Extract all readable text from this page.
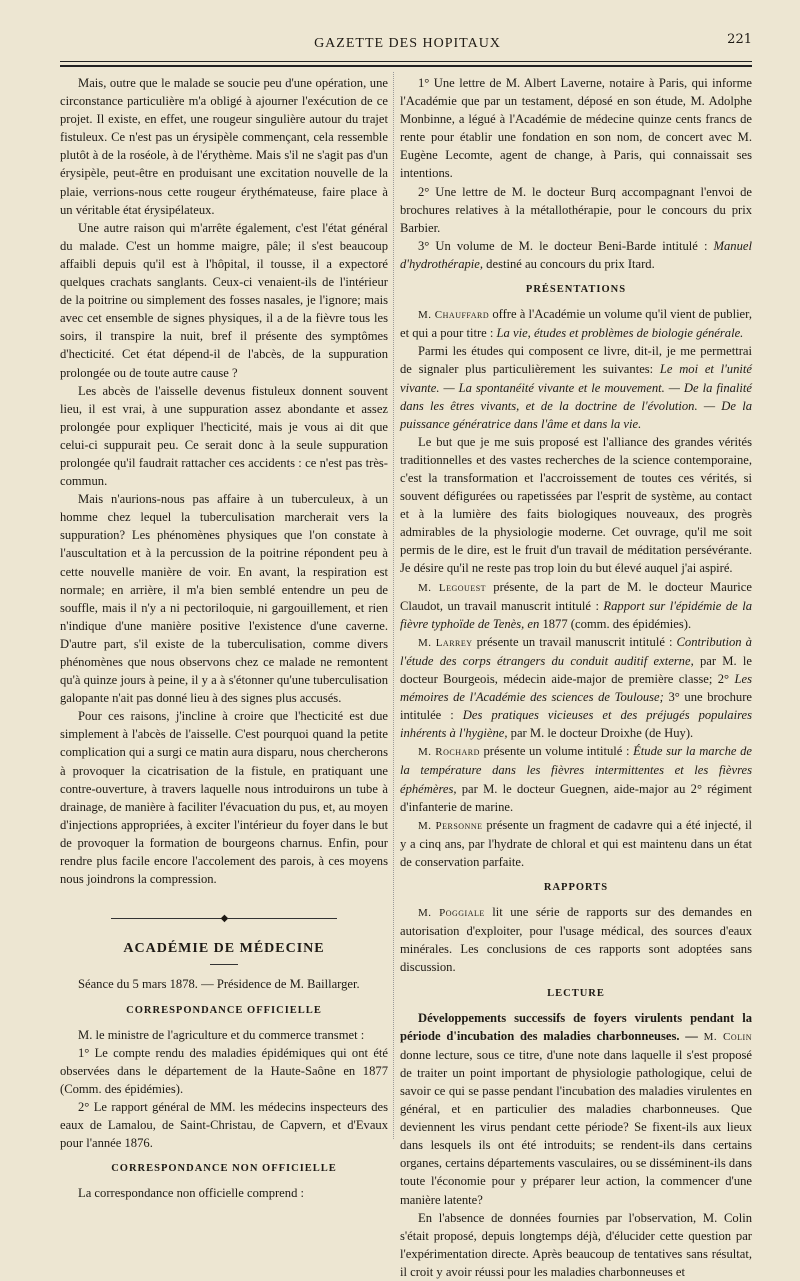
GAZETTE DES HOPITAUX	221

Mais, outre que le malade se soucie peu d'une opération, une circonstance particulière m'a obligé à ajourner l'exécution de ce projet. Il existe, en effet, une rougeur singulière autour du trajet fistuleux. Ce n'est pas un érysipèle commençant, cela ressemble plutôt à de la roséole, à de l'érythème. Mais s'il ne s'agit pas d'un érysipèle, peut-être en produisant une excitation nouvelle de la plaie, verrions-nous cette rougeur érythémateuse, faire place à un véritable état érysipélateux.

Une autre raison qui m'arrête également, c'est l'état général du malade. C'est un homme maigre, pâle; il s'est beaucoup affaibli depuis qu'il est à l'hôpital, il tousse, il a expectoré quelques crachats sanglants. Ceux-ci venaient-ils de l'intérieur de la poitrine ou simplement des fosses nasales, je l'ignore; mais avec cet ensemble de signes physiques, il a de la fièvre tous les soirs, il transpire la nuit, bref il présente des symptômes d'hecticité. Cet état dépend-il de l'abcès, de la suppuration prolongée ou de toute autre cause ?

Les abcès de l'aisselle devenus fistuleux donnent souvent lieu, il est vrai, à une suppuration assez abondante et assez prolongée pour expliquer l'hecticité, mais je vous ai dit que celui-ci suppurait peu. Ce serait donc à la seule suppuration prolongée qu'il faudrait rattacher ces accidents : ce n'est pas très-commun.

Mais n'aurions-nous pas affaire à un tuberculeux, à un homme chez lequel la tuberculisation marcherait vers la suppuration? Les phénomènes physiques que l'on constate à l'auscultation et à la percussion de la poitrine répondent peu à cette nouvelle manière de voir. En avant, la respiration est normale; en arrière, il m'a bien semblé entendre un peu de souffle, mais il n'y a ni pectoriloquie, ni gargouillement, et rien n'indique d'une manière positive l'existence d'une caverne. D'autre part, s'il existe de la tuberculisation, comme divers phénomènes que nous observons chez ce malade ne remontent qu'à quinze jours à peine, il y a à s'étonner qu'une tuberculisation galopante n'ait pas donné lieu à des signes plus accusés.

Pour ces raisons, j'incline à croire que l'hecticité est due simplement à l'abcès de l'aisselle. C'est pourquoi quand la petite complication qui a surgi ce matin aura disparu, nous chercherons à provoquer la cicatrisation de la fistule, en pratiquant une contre-ouverture, à travers laquelle nous introduirons un tube à drainage, de manière à faciliter l'évacuation du pus, et, au moyen d'injections appropriées, à exciter l'intérieur du foyer dans le but de provoquer la formation de bourgeons charnus. Enfin, pour rendre plus facile encore l'accolement des parois, à ces moyens nous joindrons la compression.

◆
ACADÉMIE DE MÉDECINE

Séance du 5 mars 1878. — Présidence de M. Baillarger.

CORRESPONDANCE OFFICIELLE

M. le ministre de l'agriculture et du commerce transmet :

1° Le compte rendu des maladies épidémiques qui ont été observées dans le département de la Haute-Saône en 1877 (Comm. des épidémies).

2° Le rapport général de MM. les médecins inspecteurs des eaux de Lamalou, de Saint-Christau, de Capvern, et d'Evaux pour l'année 1876.

CORRESPONDANCE NON OFFICIELLE

La correspondance non officielle comprend :

1° Une lettre de M. Albert Laverne, notaire à Paris, qui informe l'Académie que par un testament, déposé en son étude, M. Adolphe Monbinne, a légué à l'Académie de médecine quinze cents francs de rente pour établir une fondation en son nom, de concert avec M. Eugène Lecomte, agent de change, à Paris, qui connaissait ses intentions.

2° Une lettre de M. le docteur Burq accompagnant l'envoi de brochures relatives à la métallothérapie, pour le concours du prix Barbier.

3° Un volume de M. le docteur Beni-Barde intitulé : Manuel d'hydrothérapie, destiné au concours du prix Itard.

PRÉSENTATIONS

M. Chauffard offre à l'Académie un volume qu'il vient de publier, et qui a pour titre : La vie, études et problèmes de biologie générale.

Parmi les études qui composent ce livre, dit-il, je me permettrai de signaler plus particulièrement les suivantes: Le moi et l'unité vivante. — La spontanéité vivante et le mouvement. — De la finalité dans les êtres vivants, et de la doctrine de l'évolution. — De la puissance génératrice dans l'âme et dans la vie.

Le but que je me suis proposé est l'alliance des grandes vérités traditionnelles et des vastes recherches de la science contemporaine, c'est la transformation et l'accroissement de toutes ces vérités, si souvent défigurées ou rapetissées par l'esprit de système, au contact et à la lumière des faits biologiques nouveaux, des progrès admirables de la physiologie moderne. Cet ouvrage, qu'il me soit permis de le dire, est le fruit d'un travail de méditation persévérante. Je désire qu'il ne reste pas trop loin du but élevé auquel j'ai aspiré.

M. Legouest présente, de la part de M. le docteur Maurice Claudot, un travail manuscrit intitulé : Rapport sur l'épidémie de la fièvre typhoïde de Tenès, en 1877 (comm. des épidémies).

M. Larrey présente un travail manuscrit intitulé : Contribution à l'étude des corps étrangers du conduit auditif externe, par M. le docteur Bourgeois, médecin aide-major de première classe; 2° Les mémoires de l'Académie des sciences de Toulouse; 3° une brochure intitulée : Des pratiques vicieuses et des préjugés populaires inhérents à l'hygiène, par M. le docteur Droixhe (de Huy).

M. Rochard présente un volume intitulé : Étude sur la marche de la température dans les fièvres intermittentes et les fièvres éphémères, par M. le docteur Guegnen, aide-major au 2° régiment d'infanterie de marine.

M. Personne présente un fragment de cadavre qui a été injecté, il y a cinq ans, par l'hydrate de chloral et qui est maintenu dans un état de conservation parfaite.

RAPPORTS

M. Poggiale lit une série de rapports sur des demandes en autorisation d'exploiter, pour l'usage médical, des sources d'eaux minérales. Les conclusions de ces rapports sont adoptées sans discussion.

LECTURE

Développements successifs de foyers virulents pendant la période d'incubation des maladies charbonneuses. — M. Colin donne lecture, sous ce titre, d'une note dans laquelle il s'est proposé de traiter un point important de physiologie pathologique, celui de savoir ce qui se passe pendant l'incubation des maladies virulentes en général, et en particulier des maladies charbonneuses. Que deviennent les virus pendant cette période? Se fixent-ils aux lieux dans lesquels ils ont été introduits; se rendent-ils dans certains organes, certains départements vasculaires, ou se disséminent-ils dans toute l'économie pour y préparer leur action, la commencer d'une manière latente?

En l'absence de données fournies par l'observation, M. Colin s'était proposé, depuis longtemps déjà, d'élucider cette question par l'expérimentation directe. Après beaucoup de tentatives sans résultat, il croit y avoir réussi pour les maladies charbonneuses et
